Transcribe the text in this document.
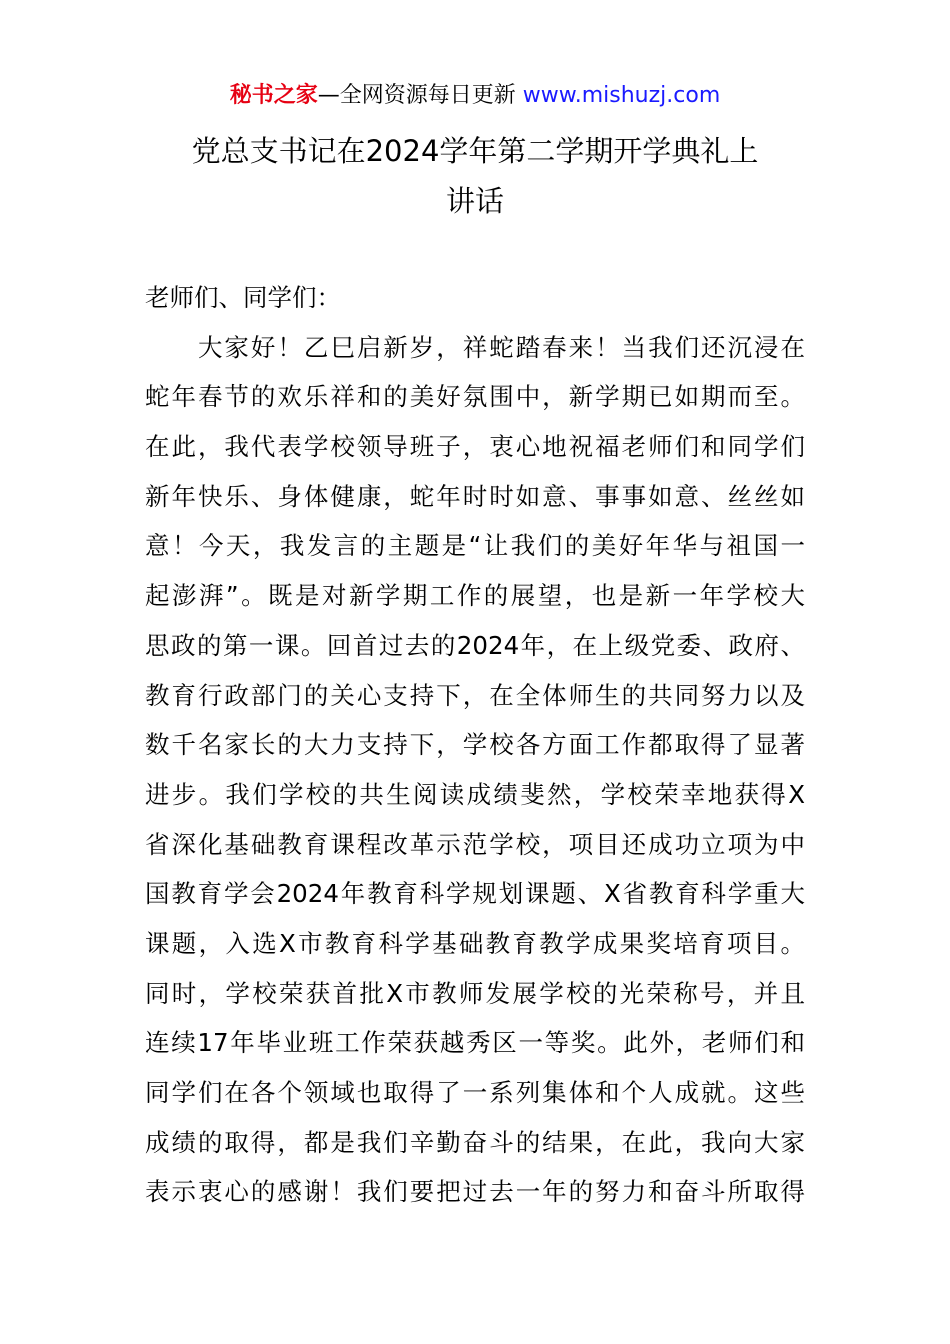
秘书之家—全网资源每日更新 www.mishuzj.com
党总支书记在2024学年第二学期开学典礼上
讲话
老师们、同学们：
　　大家好！乙巳启新岁，祥蛇踏春来！当我们还沉浸在
蛇年春节的欢乐祥和的美好氛围中，新学期已如期而至。
在此，我代表学校领导班子，衷心地祝福老师们和同学们
新年快乐、身体健康，蛇年时时如意、事事如意、丝丝如
意！今天，我发言的主题是“让我们的美好年华与祖国一
起澎湃”。既是对新学期工作的展望，也是新一年学校大
思政的第一课。回首过去的2024年，在上级党委、政府、
教育行政部门的关心支持下，在全体师生的共同努力以及
数千名家长的大力支持下，学校各方面工作都取得了显著
进步。我们学校的共生阅读成绩斐然，学校荣幸地获得X
省深化基础教育课程改革示范学校，项目还成功立项为中
国教育学会2024年教育科学规划课题、X省教育科学重大
课题，入选X市教育科学基础教育教学成果奖培育项目。
同时，学校荣获首批X市教师发展学校的光荣称号，并且
连续17年毕业班工作荣获越秀区一等奖。此外，老师们和
同学们在各个领域也取得了一系列集体和个人成就。这些
成绩的取得，都是我们辛勤奋斗的结果，在此，我向大家
表示衷心的感谢！我们要把过去一年的努力和奋斗所取得
